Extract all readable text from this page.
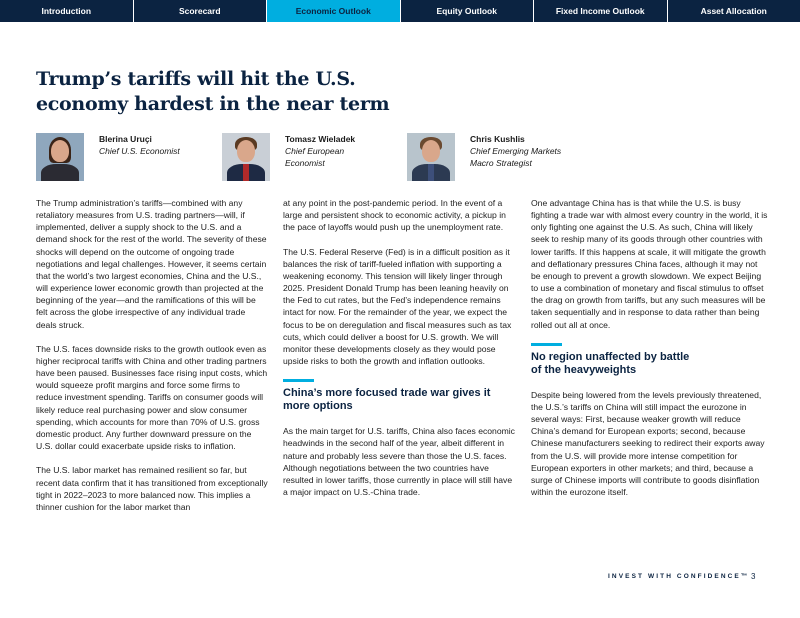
Introduction	Scorecard	Economic Outlook	Equity Outlook	Fixed Income Outlook	Asset Allocation
Trump’s tariffs will hit the U.S.
economy hardest in the near term
Blerina Uruçi
Chief U.S. Economist
Tomasz Wieladek
Chief European
Economist
Chris Kushlis
Chief Emerging Markets
Macro Strategist

The Trump administration’s tariffs—combined with any retaliatory measures from U.S. trading partners—will, if implemented, deliver a supply shock to the U.S. and a demand shock for the rest of the world. The severity of these shocks will depend on the outcome of ongoing trade negotiations and legal challenges. However, it seems certain that the world’s two largest economies, China and the U.S., will experience lower economic growth than projected at the beginning of the year—and the ramifications of this will be felt across the globe irrespective of any individual trade deals struck.

The U.S. faces downside risks to the growth outlook even as higher reciprocal tariffs with China and other trading partners have been paused. Businesses face rising input costs, which would squeeze profit margins and force some firms to reduce investment spending. Tariffs on consumer goods will likely reduce real purchasing power and slow consumer spending, which accounts for more than 70% of U.S. gross domestic product. Any further downward pressure on the U.S. dollar could exacerbate upside risks to inflation.

The U.S. labor market has remained resilient so far, but recent data confirm that it has transitioned from exceptionally tight in 2022–2023 to more balanced now. This implies a thinner cushion for the labor market than

at any point in the post-pandemic period. In the event of a large and persistent shock to economic activity, a pickup in the pace of layoffs would push up the unemployment rate.

The U.S. Federal Reserve (Fed) is in a difficult position as it balances the risk of tariff-fueled inflation with supporting a weakening economy. This tension will likely linger through 2025. President Donald Trump has been leaning heavily on the Fed to cut rates, but the Fed’s independence remains intact for now. For the remainder of the year, we expect the focus to be on deregulation and fiscal measures such as tax cuts, which could deliver a boost for U.S. growth. We will monitor these developments closely as they would pose upside risks to both the growth and inflation outlooks.

China’s more focused trade war gives it more options

As the main target for U.S. tariffs, China also faces economic headwinds in the second half of the year, albeit different in nature and probably less severe than those the U.S. faces. Although negotiations between the two countries have resulted in lower tariffs, those currently in place will still have a major impact on U.S.-China trade.

One advantage China has is that while the U.S. is busy fighting a trade war with almost every country in the world, it is only fighting one against the U.S. As such, China will likely seek to reship many of its goods through other countries with lower tariffs. If this happens at scale, it will mitigate the growth and deflationary pressures China faces, although it may not be enough to prevent a growth slowdown. We expect Beijing to use a combination of monetary and fiscal stimulus to offset the drag on growth from tariffs, but any such measures will be taken sequentially and in response to data rather than being rolled out all at once.

No region unaffected by battle
of the heavyweights

Despite being lowered from the levels previously threatened, the U.S.’s tariffs on China will still impact the eurozone in several ways: First, because weaker growth will reduce China’s demand for European exports; second, because Chinese manufacturers seeking to redirect their exports away from the U.S. will provide more intense competition for European exporters in other markets; and third, because a surge of Chinese imports will contribute to goods disinflation within the eurozone itself.

INVEST WITH CONFIDENCE™ 3
